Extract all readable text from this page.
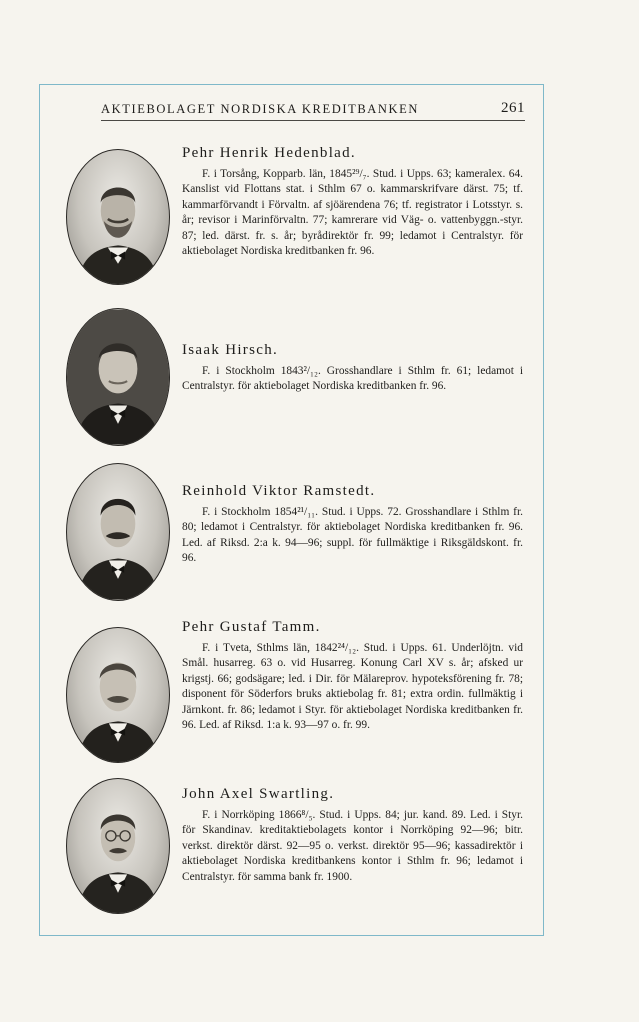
AKTIEBOLAGET NORDISKA KREDITBANKEN	261
Pehr Henrik Hedenblad.

F. i Torsång, Kopparb. län, 1845²⁹/₇. Stud. i Upps. 63; kameralex. 64. Kanslist vid Flottans stat. i Sthlm 67 o. kammarskrifvare därst. 75; tf. kammarförvandt i Förvaltn. af sjöärendena 76; tf. registrator i Lotsstyr. s. år; revisor i Marinförvaltn. 77; kamrerare vid Väg- o. vattenbyggn.-styr. 87; led. därst. fr. s. år; byrådirektör fr. 99; ledamot i Centralstyr. för aktiebolaget Nordiska kreditbanken fr. 96.

Isaak Hirsch.

F. i Stockholm 1843²/₁₂. Grosshandlare i Sthlm fr. 61; ledamot i Centralstyr. för aktiebolaget Nordiska kreditbanken fr. 96.

Reinhold Viktor Ramstedt.

F. i Stockholm 1854²¹/₁₁. Stud. i Upps. 72. Grosshandlare i Sthlm fr. 80; ledamot i Centralstyr. för aktiebolaget Nordiska kreditbanken fr. 96. Led. af Riksd. 2:a k. 94—96; suppl. för fullmäktige i Riksgäldskont. fr. 96.

Pehr Gustaf Tamm.

F. i Tveta, Sthlms län, 1842²⁴/₁₂. Stud. i Upps. 61. Underlöjtn. vid Smål. husarreg. 63 o. vid Husarreg. Konung Carl XV s. år; afsked ur krigstj. 66; godsägare; led. i Dir. för Mälareprov. hypoteksförening fr. 78; disponent för Söderfors bruks aktiebolag fr. 81; extra ordin. fullmäktig i Järnkont. fr. 86; ledamot i Styr. för aktiebolaget Nordiska kreditbanken fr. 96. Led. af Riksd. 1:a k. 93—97 o. fr. 99.

John Axel Swartling.

F. i Norrköping 1866⁸/₅. Stud. i Upps. 84; jur. kand. 89. Led. i Styr. för Skandinav. kreditaktiebolagets kontor i Norrköping 92—96; bitr. verkst. direktör därst. 92—95 o. verkst. direktör 95—96; kassadirektör i aktiebolaget Nordiska kreditbankens kontor i Sthlm fr. 96; ledamot i Centralstyr. för samma bank fr. 1900.
